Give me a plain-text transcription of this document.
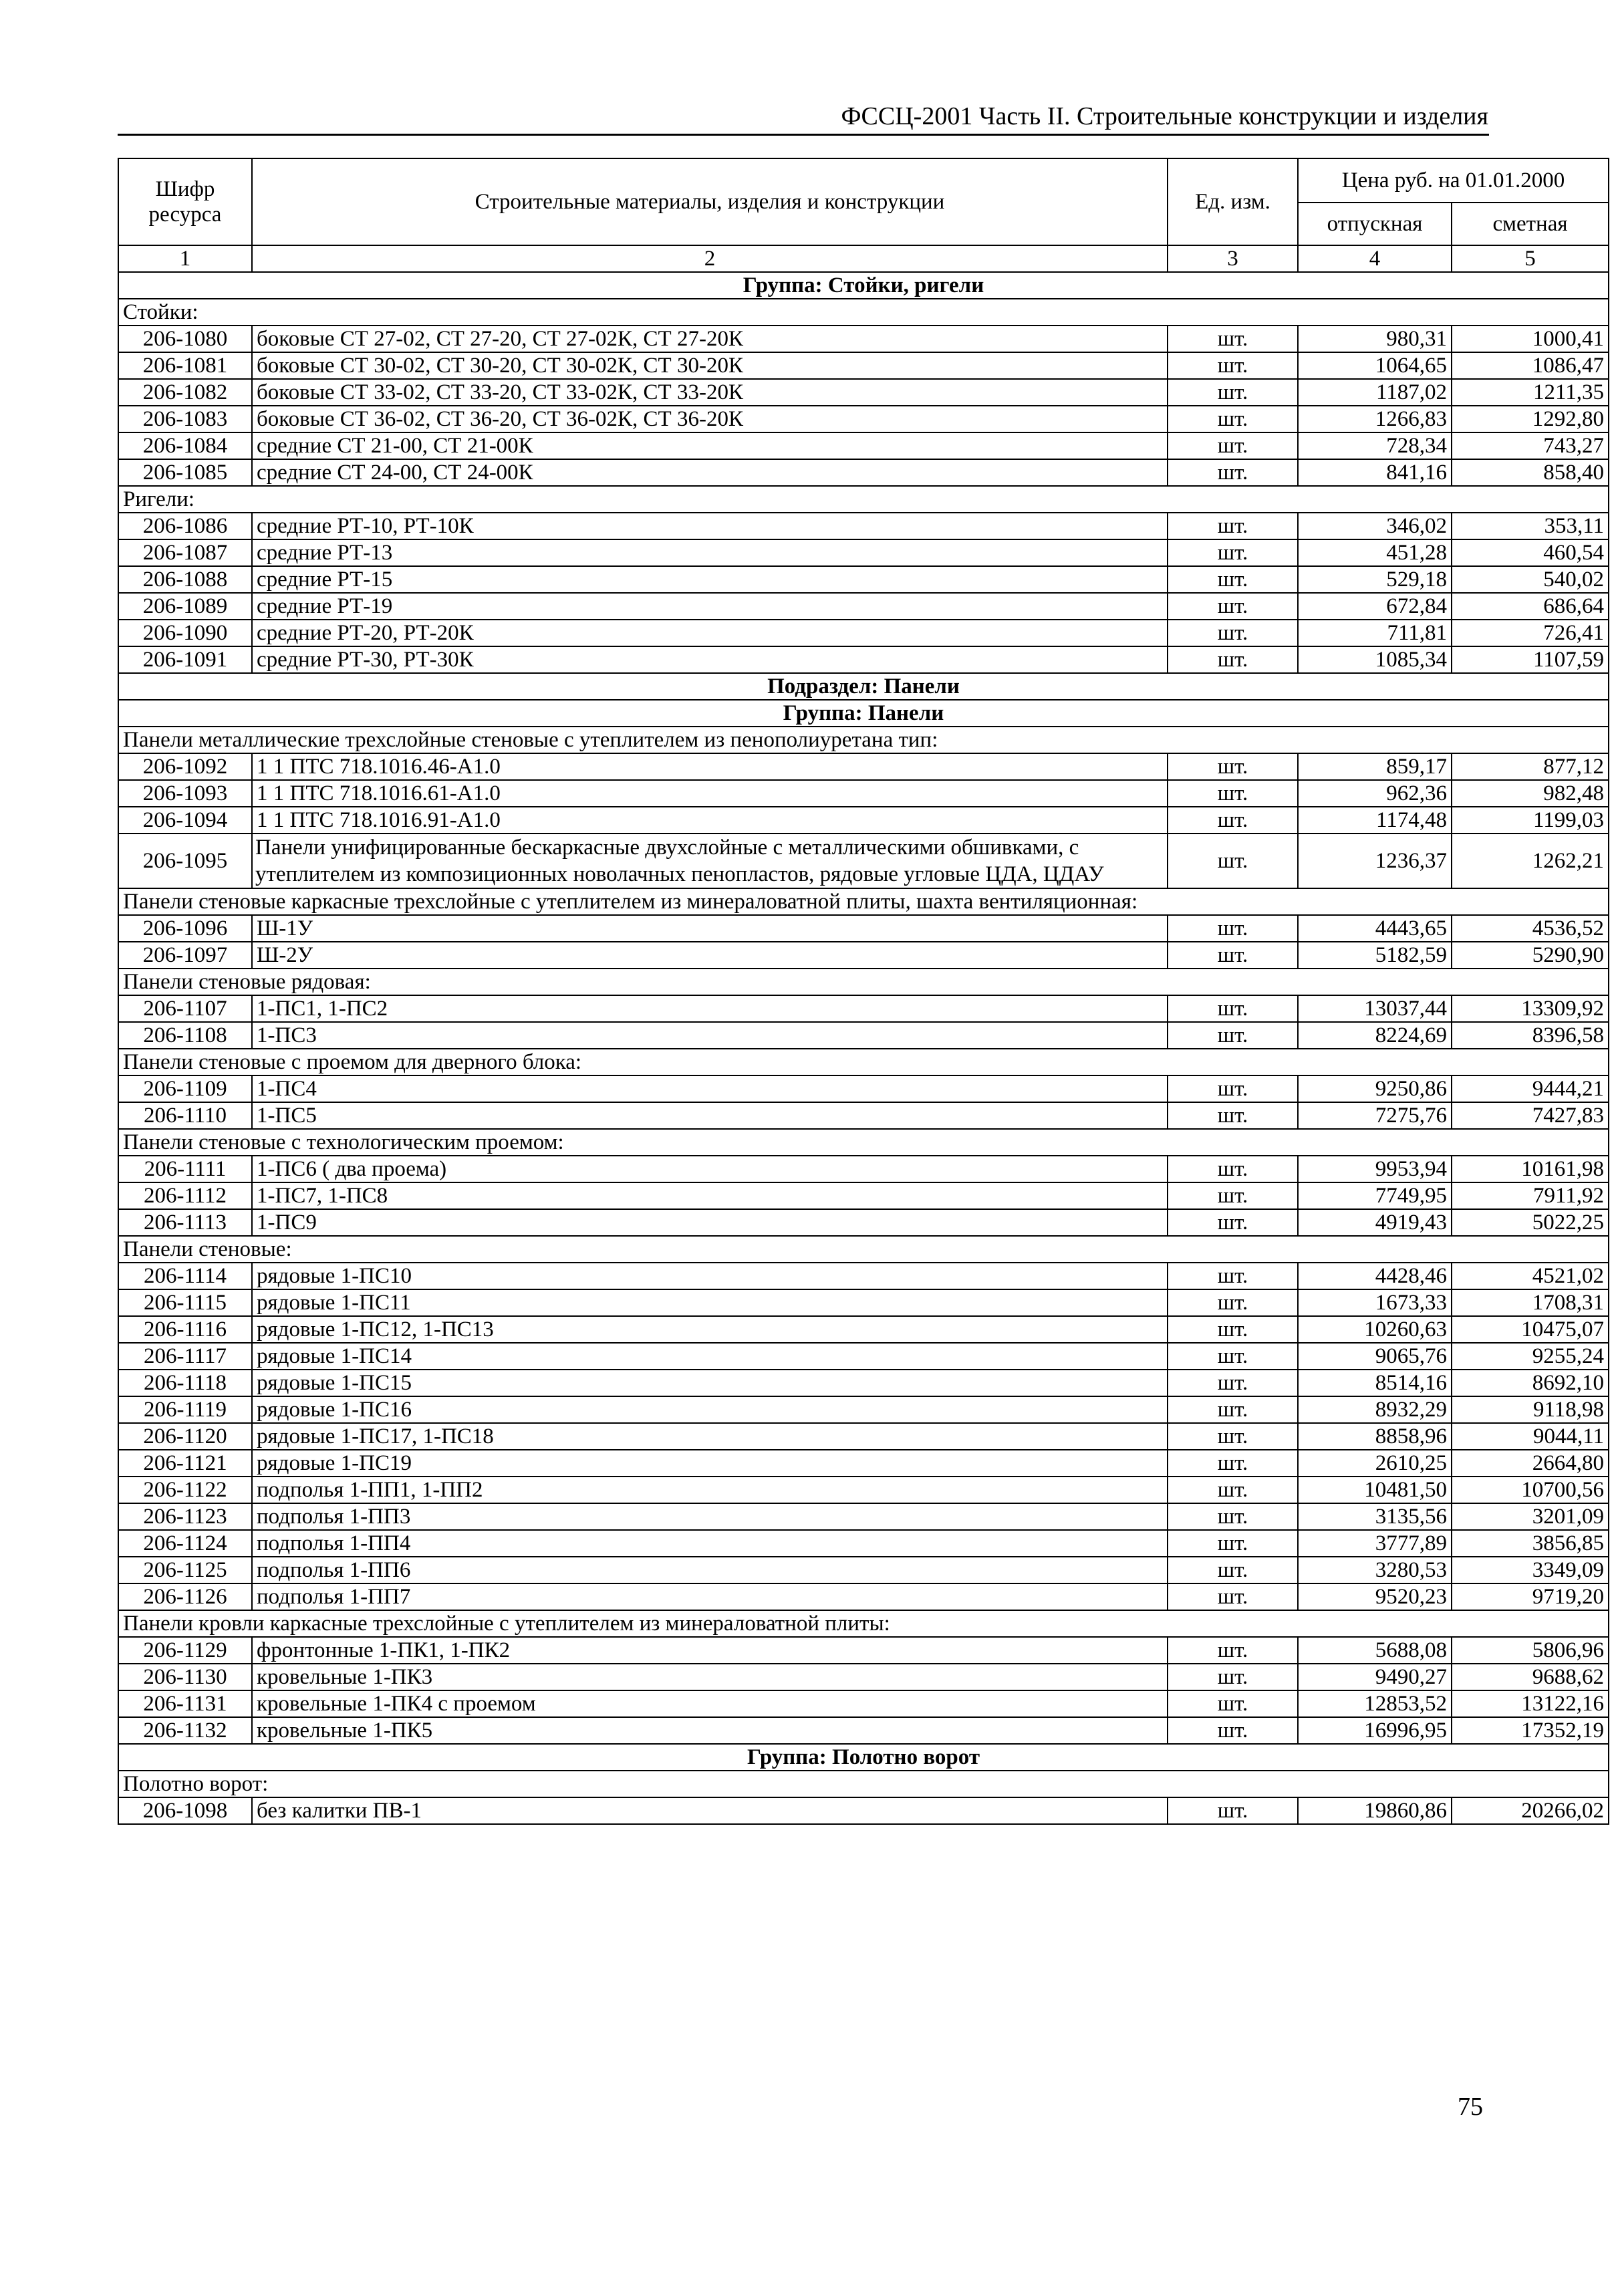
ФССЦ-2001 Часть II. Строительные конструкции и изделия
Шифр ресурса	Строительные материалы, изделия и конструкции	Ед. изм.	Цена руб. на 01.01.2000	
			отпускная	сметная
1	2	3	4	5
Группа: Стойки, ригели				
Стойки:				
206-1080	боковые СТ 27-02, СТ 27-20, СТ 27-02К, СТ 27-20К	шт.	980,31	1000,41
206-1081	боковые СТ 30-02, СТ 30-20, СТ 30-02К, СТ 30-20К	шт.	1064,65	1086,47
206-1082	боковые СТ 33-02, СТ 33-20, СТ 33-02К, СТ 33-20К	шт.	1187,02	1211,35
206-1083	боковые СТ 36-02, СТ 36-20, СТ 36-02К, СТ 36-20К	шт.	1266,83	1292,80
206-1084	средние СТ 21-00, СТ 21-00К	шт.	728,34	743,27
206-1085	средние СТ 24-00, СТ 24-00К	шт.	841,16	858,40
Ригели:				
206-1086	средние РТ-10, РТ-10К	шт.	346,02	353,11
206-1087	средние РТ-13	шт.	451,28	460,54
206-1088	средние РТ-15	шт.	529,18	540,02
206-1089	средние РТ-19	шт.	672,84	686,64
206-1090	средние РТ-20, РТ-20К	шт.	711,81	726,41
206-1091	средние РТ-30, РТ-30К	шт.	1085,34	1107,59
Подраздел: Панели				
Группа: Панели				
Панели металлические трехслойные стеновые с утеплителем из пенополиуретана тип:				
206-1092	1 1 ПТС 718.1016.46-А1.0	шт.	859,17	877,12
206-1093	1 1 ПТС 718.1016.61-А1.0	шт.	962,36	982,48
206-1094	1 1 ПТС 718.1016.91-А1.0	шт.	1174,48	1199,03
206-1095	Панели унифицированные бескаркасные двухслойные с металлическими обшивками, с утеплителем из композиционных новолачных пенопластов, рядовые угловые ЦДА, ЦДАУ	шт.	1236,37	1262,21
Панели стеновые каркасные трехслойные с утеплителем из минераловатной плиты, шахта вентиляционная:				
206-1096	Ш-1У	шт.	4443,65	4536,52
206-1097	Ш-2У	шт.	5182,59	5290,90
Панели стеновые рядовая:				
206-1107	1-ПС1, 1-ПС2	шт.	13037,44	13309,92
206-1108	1-ПС3	шт.	8224,69	8396,58
Панели стеновые с проемом для дверного блока:				
206-1109	1-ПС4	шт.	9250,86	9444,21
206-1110	1-ПС5	шт.	7275,76	7427,83
Панели стеновые с технологическим проемом:				
206-1111	1-ПС6 ( два проема)	шт.	9953,94	10161,98
206-1112	1-ПС7, 1-ПС8	шт.	7749,95	7911,92
206-1113	1-ПС9	шт.	4919,43	5022,25
Панели стеновые:				
206-1114	рядовые 1-ПС10	шт.	4428,46	4521,02
206-1115	рядовые 1-ПС11	шт.	1673,33	1708,31
206-1116	рядовые 1-ПС12, 1-ПС13	шт.	10260,63	10475,07
206-1117	рядовые 1-ПС14	шт.	9065,76	9255,24
206-1118	рядовые 1-ПС15	шт.	8514,16	8692,10
206-1119	рядовые 1-ПС16	шт.	8932,29	9118,98
206-1120	рядовые 1-ПС17, 1-ПС18	шт.	8858,96	9044,11
206-1121	рядовые 1-ПС19	шт.	2610,25	2664,80
206-1122	подполья 1-ПП1, 1-ПП2	шт.	10481,50	10700,56
206-1123	подполья 1-ПП3	шт.	3135,56	3201,09
206-1124	подполья 1-ПП4	шт.	3777,89	3856,85
206-1125	подполья 1-ПП6	шт.	3280,53	3349,09
206-1126	подполья 1-ПП7	шт.	9520,23	9719,20
Панели кровли каркасные трехслойные с утеплителем из минераловатной плиты:				
206-1129	фронтонные 1-ПК1, 1-ПК2	шт.	5688,08	5806,96
206-1130	кровельные 1-ПК3	шт.	9490,27	9688,62
206-1131	кровельные 1-ПК4 с проемом	шт.	12853,52	13122,16
206-1132	кровельные 1-ПК5	шт.	16996,95	17352,19
Группа: Полотно ворот				
Полотно ворот:				
206-1098	без калитки ПВ-1	шт.	19860,86	20266,02
75
